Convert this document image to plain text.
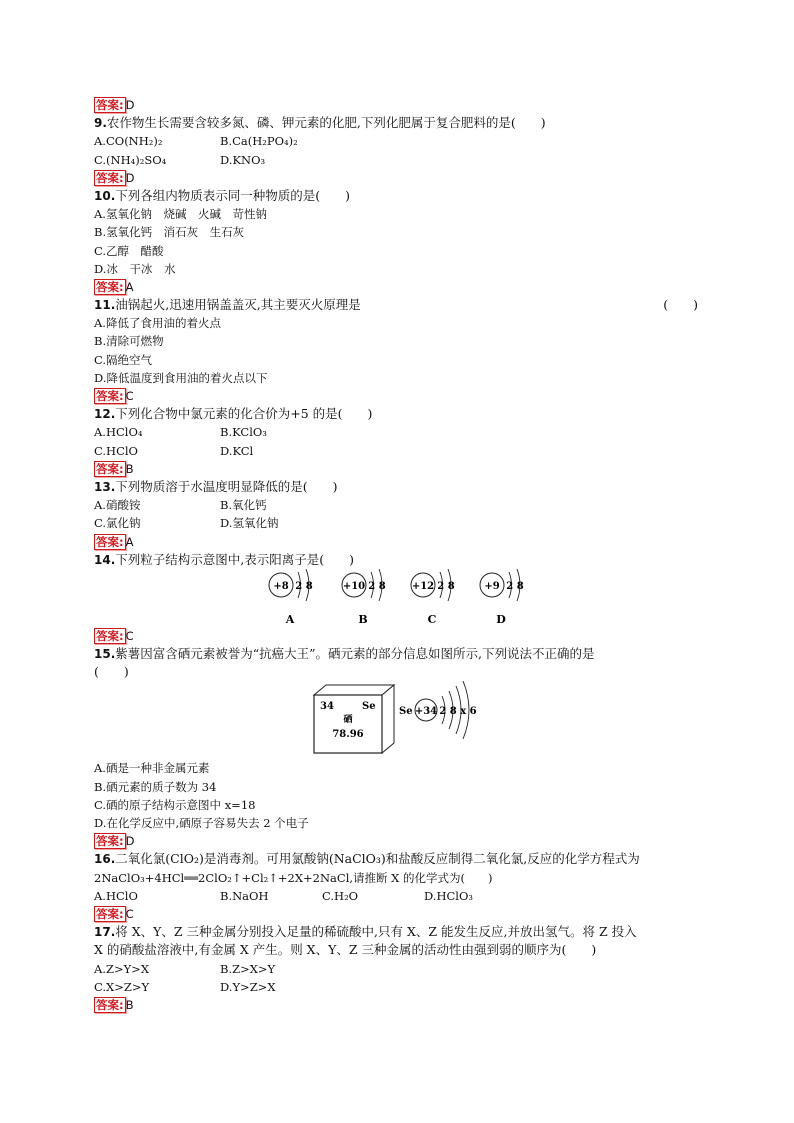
答案: D
9.农作物生长需要含较多氮、磷、钾元素的化肥,下列化肥属于复合肥料的是(　　)
A.CO(NH₂)₂	B.Ca(H₂PO₄)₂
C.(NH₄)₂SO₄	D.KNO₃
答案: D
10.下列各组内物质表示同一种物质的是(　　)
A.氢氧化钠　烧碱　火碱　苛性钠
B.氢氧化钙　消石灰　生石灰
C.乙醇　醋酸
D.冰　干冰　水
答案: A
11.油锅起火,迅速用锅盖盖灭,其主要灭火原理是	(　　)
A.降低了食用油的着火点
B.清除可燃物
C.隔绝空气
D.降低温度到食用油的着火点以下
答案: C
12.下列化合物中氯元素的化合价为+5 的是(　　)
A.HClO₄	B.KClO₃
C.HClO	D.KCl
答案: B
13.下列物质溶于水温度明显降低的是(　　)
A.硝酸铵	B.氧化钙
C.氯化钠	D.氢氧化钠
答案: A
14.下列粒子结构示意图中,表示阳离子是(　　)
+8 2 8
A
+10 2 8
B
+12 2 8
C
+9 2 8
D
答案: C
15.紫薯因富含硒元素被誉为“抗癌大王”。硒元素的部分信息如图所示,下列说法不正确的是
(　　)
34	Se
硒
78.96
Se +34 2 8 x 6
A.硒是一种非金属元素
B.硒元素的质子数为 34
C.硒的原子结构示意图中 x=18
D.在化学反应中,硒原子容易失去 2 个电子
答案: D
16.二氧化氯(ClO₂)是消毒剂。可用氯酸钠(NaClO₃)和盐酸反应制得二氧化氯,反应的化学方程式为
2NaClO₃+4HCl══2ClO₂↑+Cl₂↑+2X+2NaCl,请推断 X 的化学式为(　　)
A.HClO	B.NaOH	C.H₂O	D.HClO₃
答案: C
17.将 X、Y、Z 三种金属分别投入足量的稀硫酸中,只有 X、Z 能发生反应,并放出氢气。将 Z 投入
X 的硝酸盐溶液中,有金属 X 产生。则 X、Y、Z 三种金属的活动性由强到弱的顺序为(　　)
A.Z>Y>X	B.Z>X>Y
C.X>Z>Y	D.Y>Z>X
答案: B
